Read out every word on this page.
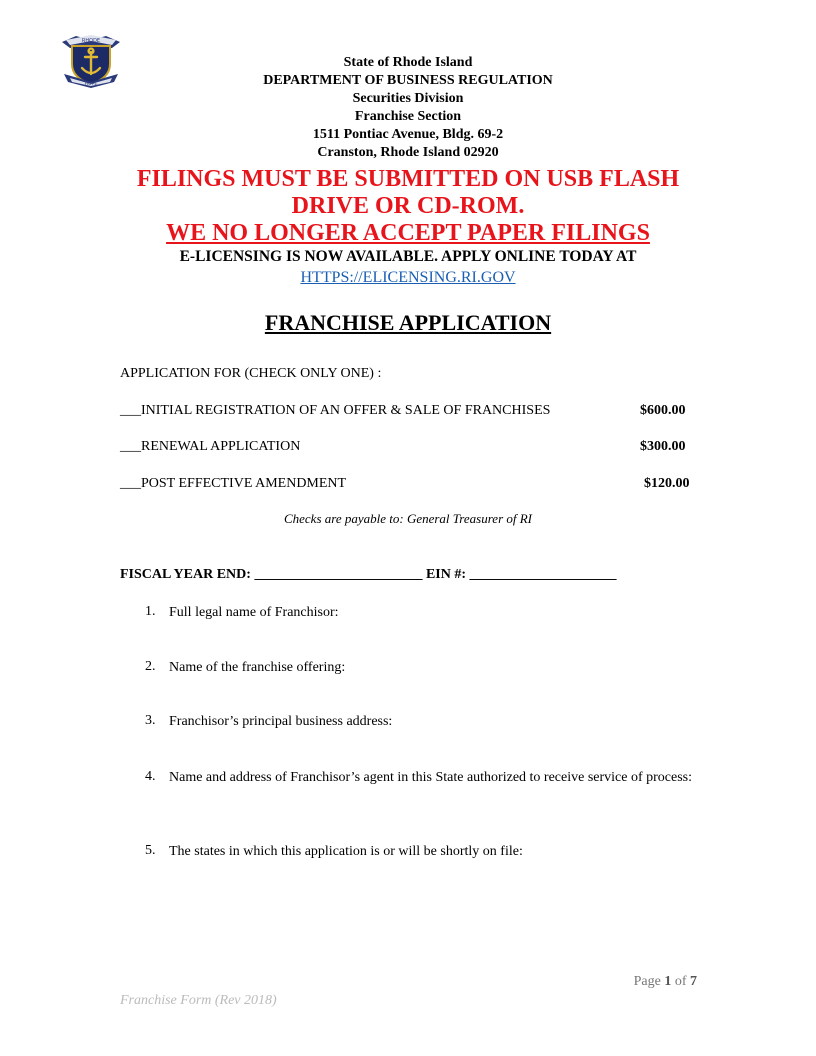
RHODE
HOPE
State of Rhode Island
DEPARTMENT OF BUSINESS REGULATION
Securities Division
Franchise Section
1511 Pontiac Avenue, Bldg. 69-2
Cranston, Rhode Island 02920
FILINGS MUST BE SUBMITTED ON USB FLASH
DRIVE OR CD-ROM.
WE NO LONGER ACCEPT PAPER FILINGS
E-LICENSING IS NOW AVAILABLE. APPLY ONLINE TODAY AT
HTTPS://ELICENSING.RI.GOV
FRANCHISE APPLICATION
APPLICATION FOR (CHECK ONLY ONE) :
___INITIAL REGISTRATION OF AN OFFER & SALE OF FRANCHISES	$600.00
___RENEWAL APPLICATION	$300.00
___POST EFFECTIVE AMENDMENT	$120.00
Checks are payable to: General Treasurer of RI
FISCAL YEAR END: ________________________ EIN #: _____________________
1. Full legal name of Franchisor:
2. Name of the franchise offering:
3. Franchisor’s principal business address:
4. Name and address of Franchisor’s agent in this State authorized to receive service of process:
5. The states in which this application is or will be shortly on file:
Page 1 of 7
Franchise Form (Rev 2018)
